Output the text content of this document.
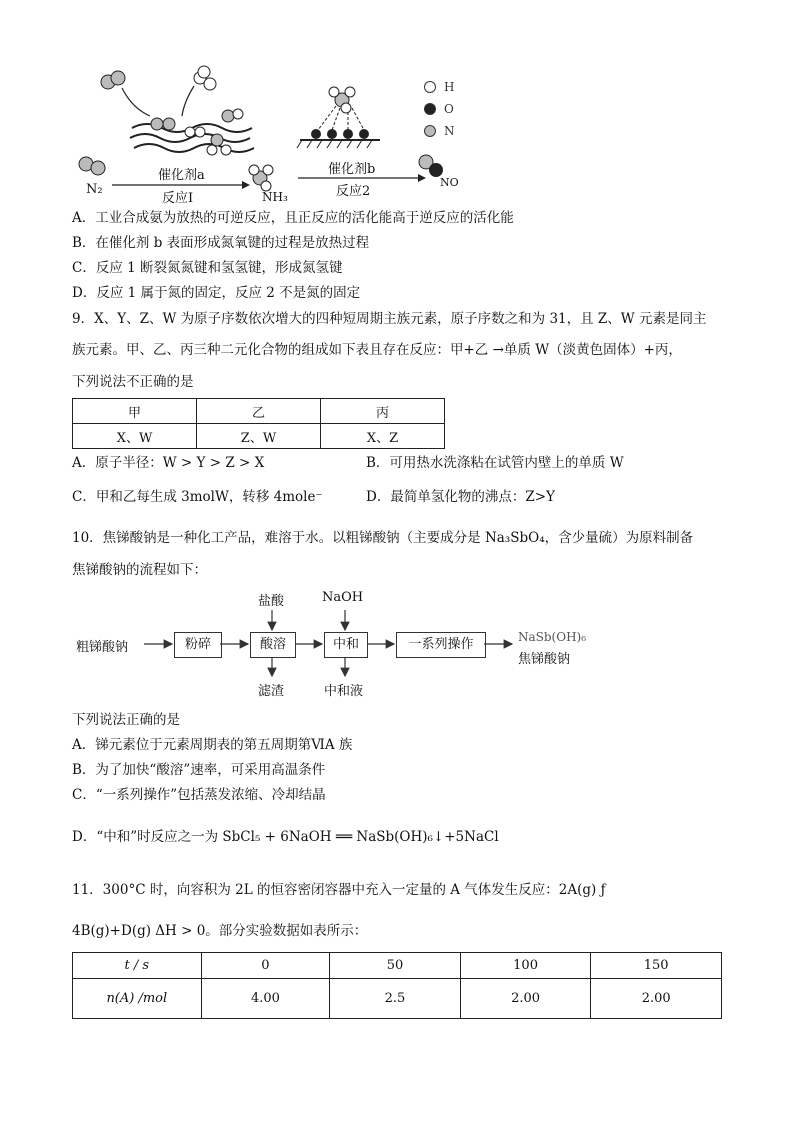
N₂
催化剂a
反应Ⅰ	NH₃
催化剂b
反应2
NO
H
O
N
A．工业合成氨为放热的可逆反应，且正反应的活化能高于逆反应的活化能
B．在催化剂 b 表面形成氮氧键的过程是放热过程
C．反应 1 断裂氮氮键和氢氢键，形成氮氢键
D．反应 1 属于氮的固定，反应 2 不是氮的固定
9．X、Y、Z、W 为原子序数依次增大的四种短周期主族元素，原子序数之和为 31，且 Z、W 元素是同主
族元素。甲、乙、丙三种二元化合物的组成如下表且存在反应：甲+乙 →单质 W（淡黄色固体）+丙，
下列说法不正确的是
甲	乙	丙
X、W	Z、W	X、Z
A．原子半径：W > Y > Z > X	B．可用热水洗涤粘在试管内壁上的单质 W
C．甲和乙每生成 3molW，转移 4mole⁻	D．最简单氢化物的沸点：Z>Y
10．焦锑酸钠是一种化工产品，难溶于水。以粗锑酸钠（主要成分是 Na₃SbO₄，含少量硫）为原料制备
焦锑酸钠的流程如下：
粗锑酸钠	粉碎	酸溶	中和	一系列操作
盐酸
滤渣
NaOH
中和液
NaSb(OH)₆
焦锑酸钠
下列说法正确的是
A．锑元素位于元素周期表的第五周期第ⅥA 族
B．为了加快“酸溶”速率，可采用高温条件
C．“一系列操作”包括蒸发浓缩、冷却结晶
D．“中和”时反应之一为 SbCl₅ + 6NaOH ══ NaSb(OH)₆↓+5NaCl
11．300°C 时，向容积为 2L 的恒容密闭容器中充入一定量的 A 气体发生反应：2A(g) ƒ
4B(g)+D(g) ΔH > 0。部分实验数据如表所示：
t / s	0	50	100	150
n(A) /mol	4.00	2.5	2.00	2.00
